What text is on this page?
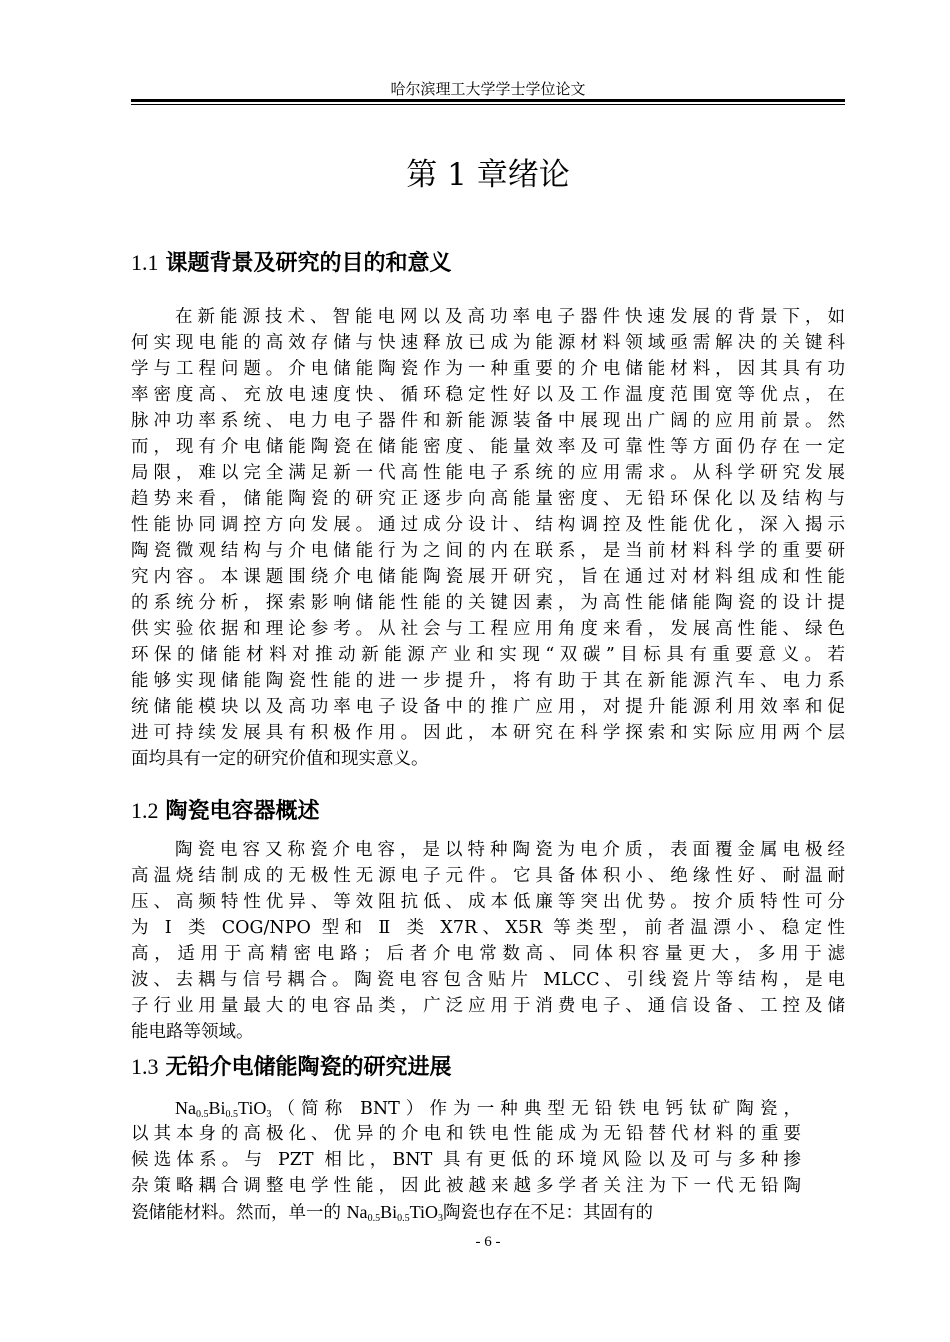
哈尔滨理工大学学士学位论文
第 1 章绪论
1.1 课题背景及研究的目的和意义
在新能源技术、智能电网以及高功率电子器件快速发展的背景下，如
何实现电能的高效存储与快速释放已成为能源材料领域亟需解决的关键科
学与工程问题。介电储能陶瓷作为一种重要的介电储能材料，因其具有功
率密度高、充放电速度快、循环稳定性好以及工作温度范围宽等优点，在
脉冲功率系统、电力电子器件和新能源装备中展现出广阔的应用前景。然
而，现有介电储能陶瓷在储能密度、能量效率及可靠性等方面仍存在一定
局限，难以完全满足新一代高性能电子系统的应用需求。从科学研究发展
趋势来看，储能陶瓷的研究正逐步向高能量密度、无铅环保化以及结构与
性能协同调控方向发展。通过成分设计、结构调控及性能优化，深入揭示
陶瓷微观结构与介电储能行为之间的内在联系，是当前材料科学的重要研
究内容。本课题围绕介电储能陶瓷展开研究，旨在通过对材料组成和性能
的系统分析，探索影响储能性能的关键因素，为高性能储能陶瓷的设计提
供实验依据和理论参考。从社会与工程应用角度来看，发展高性能、绿色
环保的储能材料对推动新能源产业和实现“双碳”目标具有重要意义。若
能够实现储能陶瓷性能的进一步提升，将有助于其在新能源汽车、电力系
统储能模块以及高功率电子设备中的推广应用，对提升能源利用效率和促
进可持续发展具有积极作用。因此，本研究在科学探索和实际应用两个层
面均具有一定的研究价值和现实意义。
1.2 陶瓷电容器概述
陶瓷电容又称瓷介电容，是以特种陶瓷为电介质，表面覆金属电极经
高温烧结制成的无极性无源电子元件。它具备体积小、绝缘性好、耐温耐
压、高频特性优异、等效阻抗低、成本低廉等突出优势。按介质特性可分
为 Ⅰ 类 COG/NPO 型和 Ⅱ 类 X7R、X5R 等类型，前者温漂小、稳定性
高，适用于高精密电路；后者介电常数高、同体积容量更大，多用于滤
波、去耦与信号耦合。陶瓷电容包含贴片 MLCC、引线瓷片等结构，是电
子行业用量最大的电容品类，广泛应用于消费电子、通信设备、工控及储
能电路等领域。
1.3 无铅介电储能陶瓷的研究进展
$Na_{0.5}Bi_{0.5}TiO_3$（简称 BNT）作为一种典型无铅铁电钙钛矿陶瓷，
以其本身的高极化、优异的介电和铁电性能成为无铅替代材料的重要
候选体系。与 PZT 相比，BNT 具有更低的环境风险以及可与多种掺
杂策略耦合调整电学性能，因此被越来越多学者关注为下一代无铅陶
瓷储能材料。然而，单一的 $Na_{0.5}Bi_{0.5}TiO_3$陶瓷也存在不足：其固有的
- 6 -
